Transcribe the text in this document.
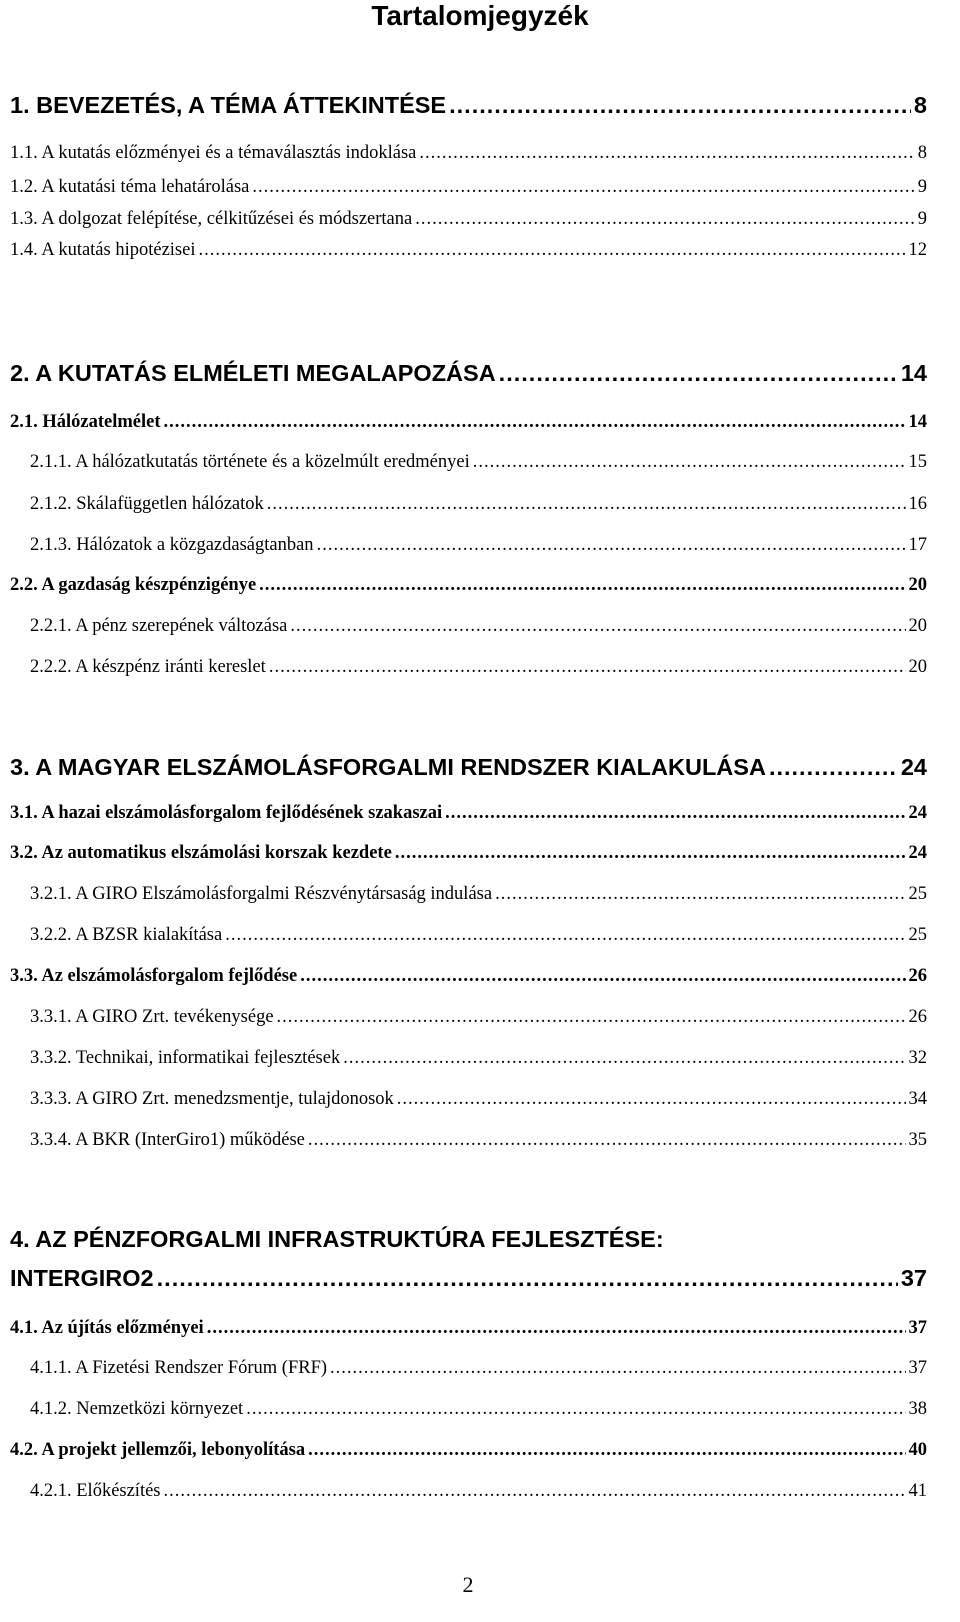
Tartalomjegyzék
1. BEVEZETÉS, A TÉMA ÁTTEKINTÉSE .....	8
1.1. A kutatás előzményei és a témaválasztás indoklása .....	8
1.2. A kutatási téma lehatárolása .....	9
1.3. A dolgozat felépítése, célkitűzései és módszertana .....	9
1.4. A kutatás hipotézisei .....	12
2. A KUTATÁS ELMÉLETI MEGALAPOZÁSA .....	14
2.1. Hálózatelmélet .....	14
2.1.1. A hálózatkutatás története és a közelmúlt eredményei .....	15
2.1.2. Skálafüggetlen hálózatok .....	16
2.1.3. Hálózatok a közgazdaságtanban .....	17
2.2. A gazdaság készpénzigénye .....	20
2.2.1. A pénz szerepének változása .....	20
2.2.2. A készpénz iránti kereslet .....	20
3. A MAGYAR ELSZÁMOLÁSFORGALMI RENDSZER KIALAKULÁSA .....	24
3.1. A hazai elszámolásforgalom fejlődésének szakaszai .....	24
3.2. Az automatikus elszámolási korszak kezdete .....	24
3.2.1. A GIRO Elszámolásforgalmi Részvénytársaság indulása .....	25
3.2.2. A BZSR kialakítása .....	25
3.3. Az elszámolásforgalom fejlődése .....	26
3.3.1. A GIRO Zrt. tevékenysége .....	26
3.3.2. Technikai, informatikai fejlesztések .....	32
3.3.3. A GIRO Zrt. menedzsmentje, tulajdonosok .....	34
3.3.4. A BKR (InterGiro1) működése .....	35
4. AZ PÉNZFORGALMI INFRASTRUKTÚRA FEJLESZTÉSE:
INTERGIRO2 .....	37
4.1. Az újítás előzményei .....	37
4.1.1. A Fizetési Rendszer Fórum (FRF) .....	37
4.1.2. Nemzetközi környezet .....	38
4.2. A projekt jellemzői, lebonyolítása .....	40
4.2.1. Előkészítés .....	41
2
